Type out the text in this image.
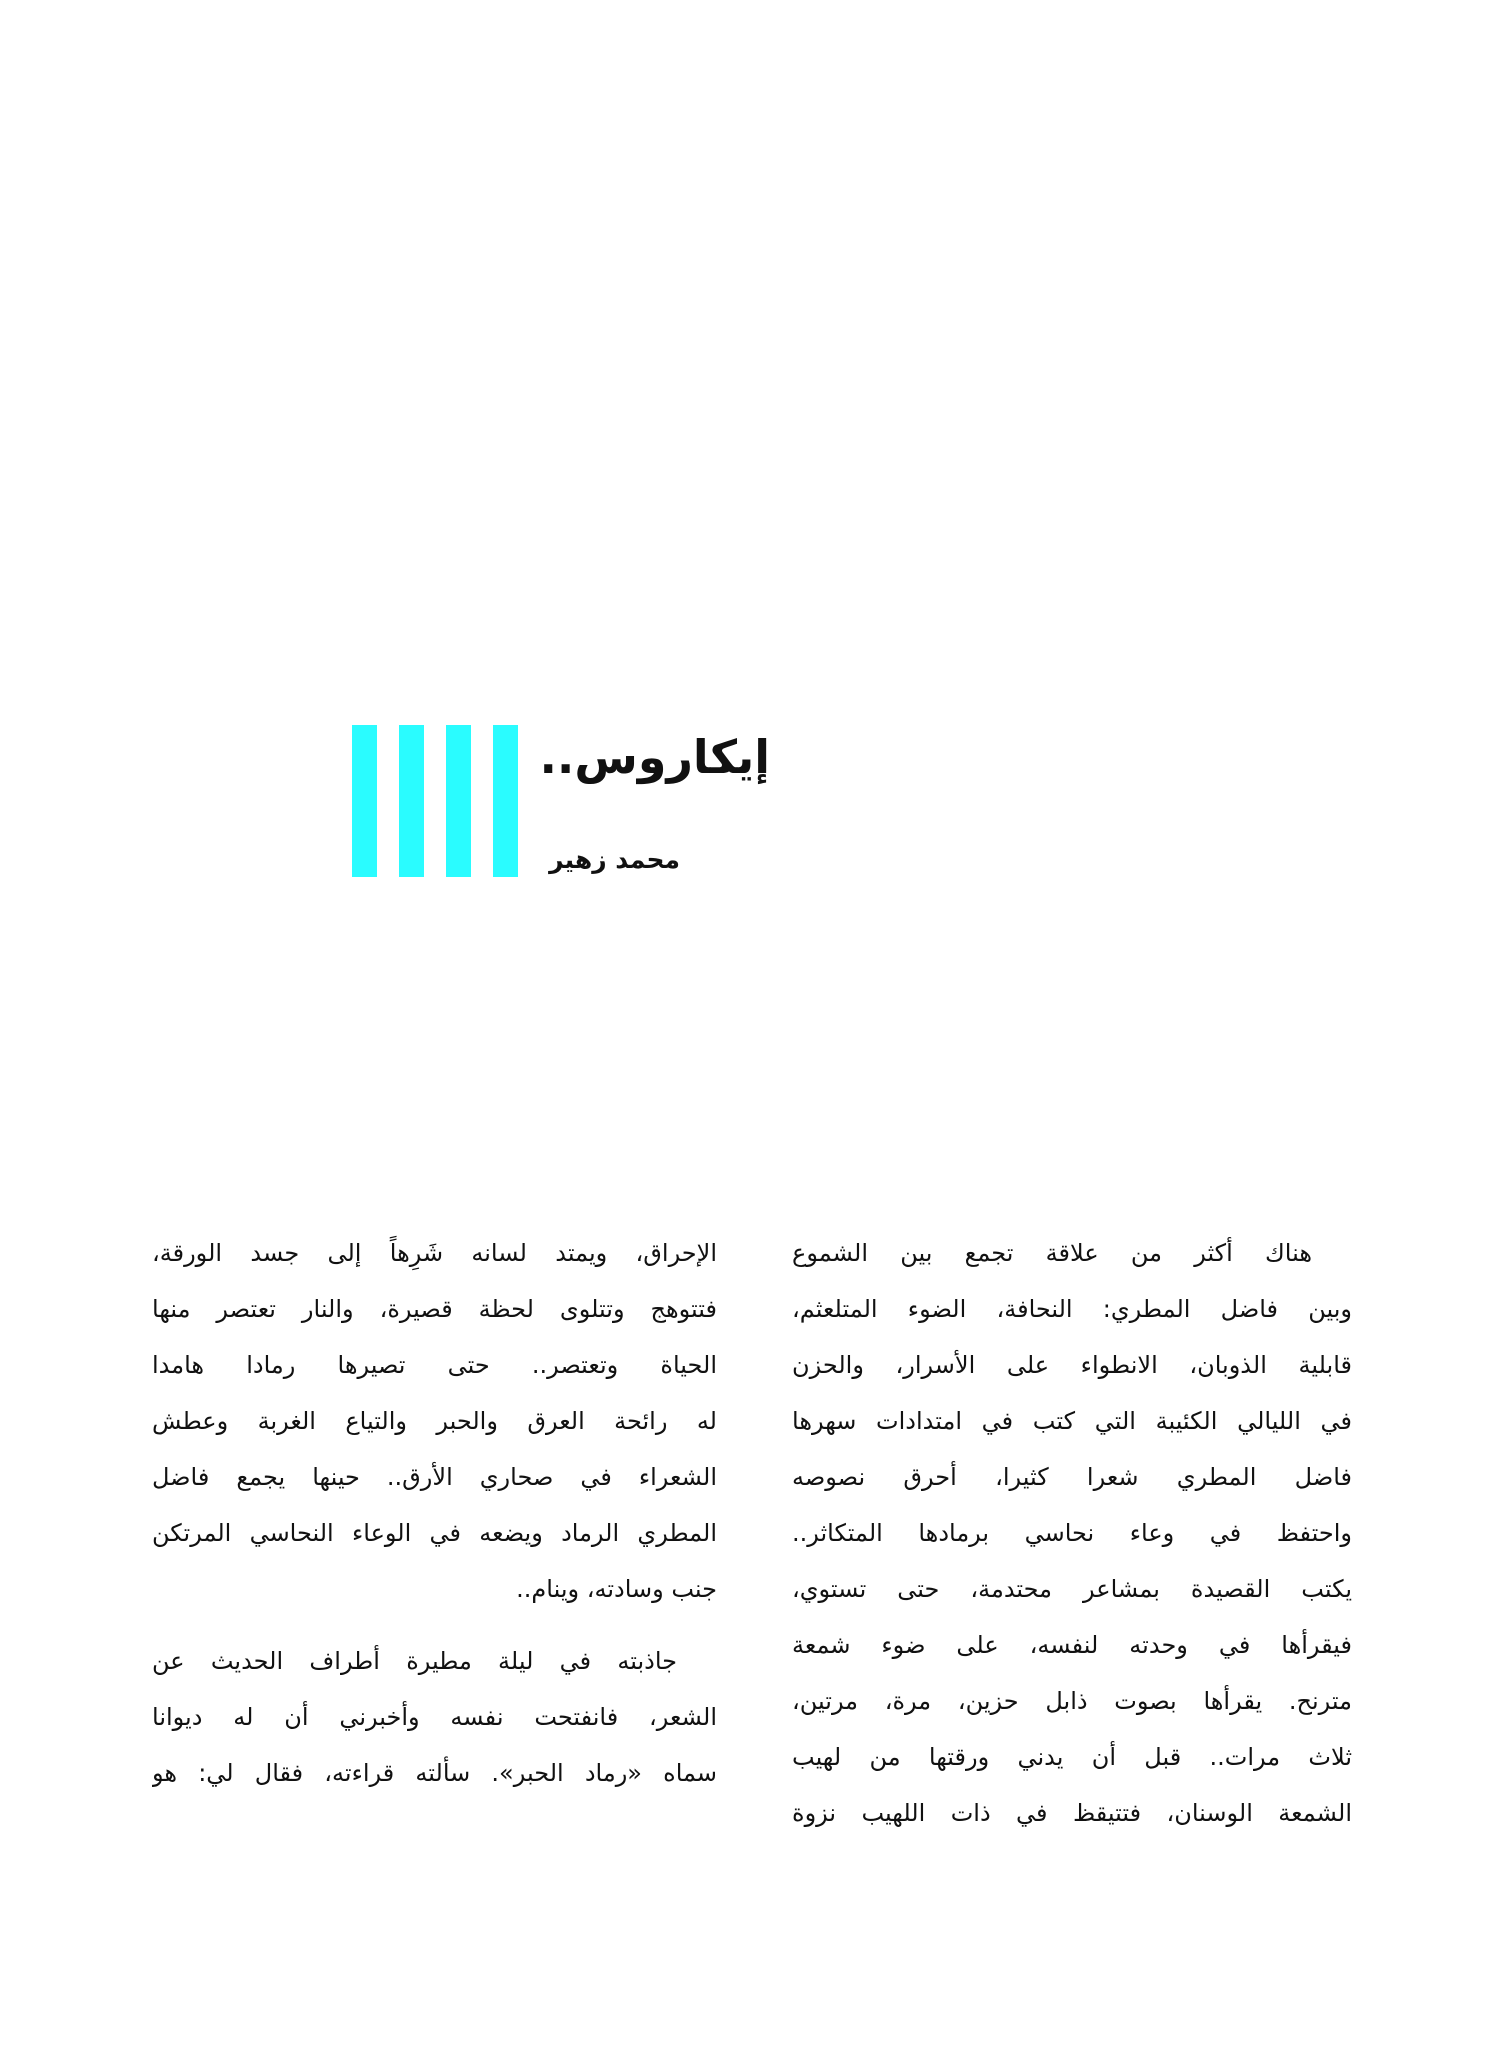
إيكاروس..
محمد زهير
هناك أكثر من علاقة تجمع بين الشموع
وبين فاضل المطري: النحافة، الضوء المتلعثم،
قابلية الذوبان، الانطواء على الأسرار، والحزن
في الليالي الكئيبة التي كتب في امتدادات سهرها
فاضل المطري شعرا كثيرا، أحرق نصوصه
واحتفظ في وعاء نحاسي برمادها المتكاثر..
يكتب القصيدة بمشاعر محتدمة، حتى تستوي،
فيقرأها في وحدته لنفسه، على ضوء شمعة
مترنح. يقرأها بصوت ذابل حزين، مرة، مرتين،
ثلاث مرات.. قبل أن يدني ورقتها من لهيب
الشمعة الوسنان، فتتيقظ في ذات اللهيب نزوة
الإحراق، ويمتد لسانه شَرِهاً إلى جسد الورقة،
فتتوهج وتتلوى لحظة قصيرة، والنار تعتصر منها
الحياة وتعتصر.. حتى تصيرها رمادا هامدا
له رائحة العرق والحبر والتياع الغربة وعطش
الشعراء في صحاري الأرق.. حينها يجمع فاضل
المطري الرماد ويضعه في الوعاء النحاسي المرتكن
جنب وسادته، وينام..
جاذبته في ليلة مطيرة أطراف الحديث عن
الشعر، فانفتحت نفسه وأخبرني أن له ديوانا
سماه «رماد الحبر». سألته قراءته، فقال لي: هو
